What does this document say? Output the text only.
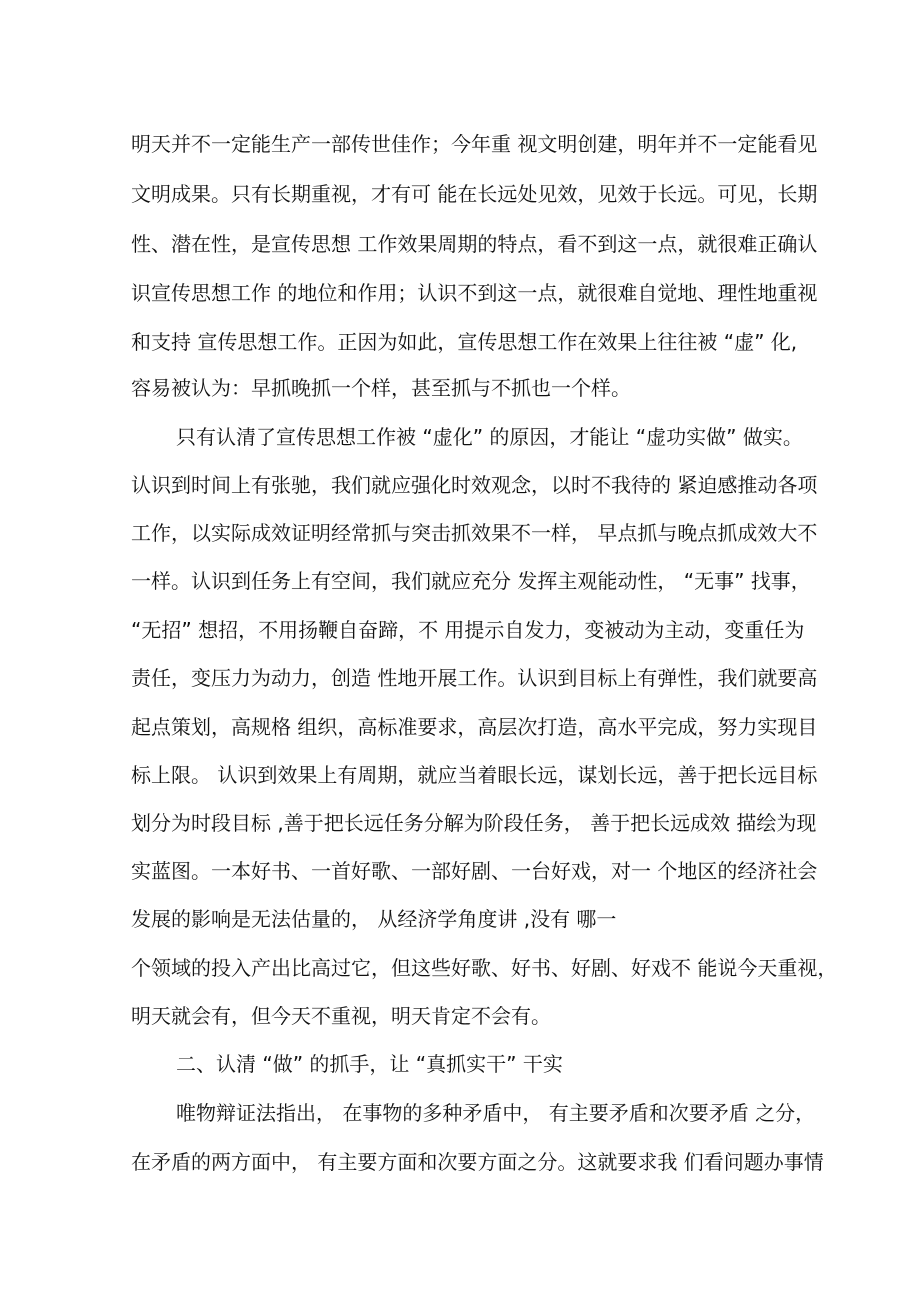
明天并不一定能生产一部传世佳作；今年重 视文明创建，明年并不一定能看见
文明成果。只有长期重视，才有可 能在长远处见效，见效于长远。可见，长期
性、潜在性，是宣传思想 工作效果周期的特点，看不到这一点，就很难正确认
识宣传思想工作 的地位和作用；认识不到这一点，就很难自觉地、理性地重视
和支持 宣传思想工作。正因为如此，宣传思想工作在效果上往往被 “虚” 化,
容易被认为：早抓晚抓一个样，甚至抓与不抓也一个样。
只有认清了宣传思想工作被 “虚化” 的原因，才能让 “虚功实做” 做实。
认识到时间上有张驰，我们就应强化时效观念，以时不我待的 紧迫感推动各项
工作，以实际成效证明经常抓与突击抓效果不一样， 早点抓与晚点抓成效大不
一样。认识到任务上有空间，我们就应充分 发挥主观能动性， “无事” 找事，
“无招” 想招，不用扬鞭自奋蹄，不 用提示自发力，变被动为主动，变重任为
责任，变压力为动力，创造 性地开展工作。认识到目标上有弹性，我们就要高
起点策划，高规格 组织，高标准要求，高层次打造，高水平完成，努力实现目
标上限。 认识到效果上有周期，就应当着眼长远，谋划长远，善于把长远目标
划分为时段目标 ,善于把长远任务分解为阶段任务， 善于把长远成效 描绘为现
实蓝图。一本好书、一首好歌、一部好剧、一台好戏，对一 个地区的经济社会
发展的影响是无法估量的， 从经济学角度讲 ,没有 哪一
个领域的投入产出比高过它，但这些好歌、好书、好剧、好戏不 能说今天重视，
明天就会有，但今天不重视，明天肯定不会有。
二、认清 “做” 的抓手，让 “真抓实干” 干实
唯物辩证法指出， 在事物的多种矛盾中， 有主要矛盾和次要矛盾 之分，
在矛盾的两方面中， 有主要方面和次要方面之分。这就要求我 们看问题办事情
